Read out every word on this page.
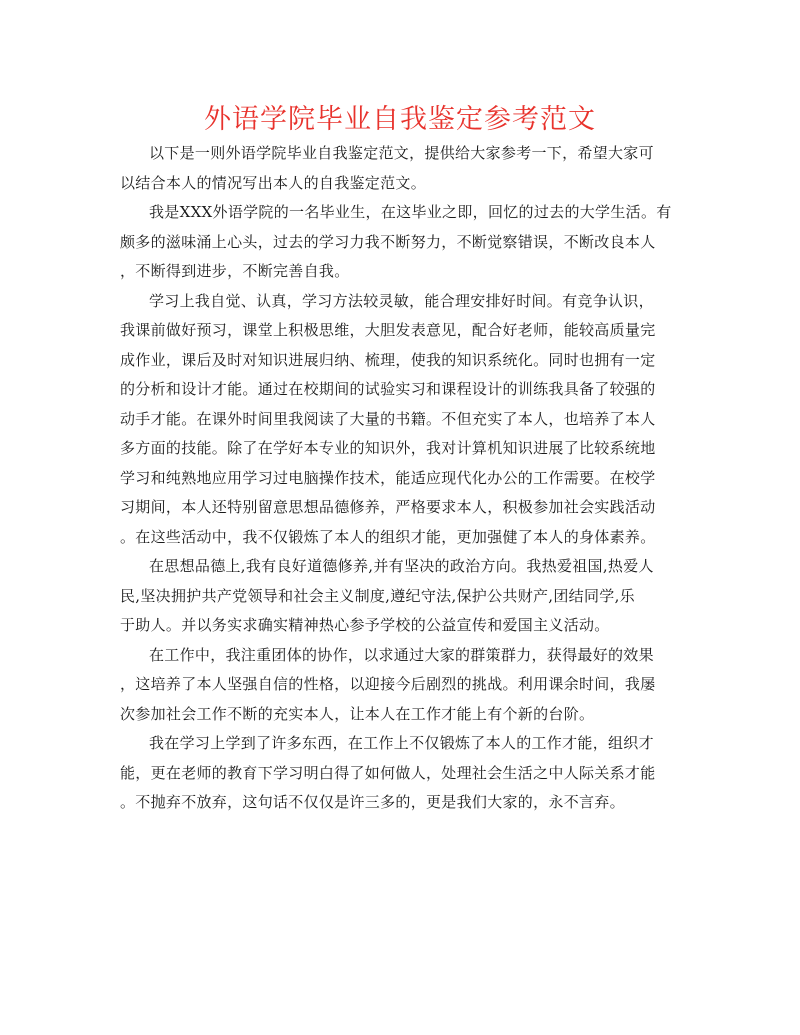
外语学院毕业自我鉴定参考范文

以下是一则外语学院毕业自我鉴定范文，提供给大家参考一下，希望大家可
以结合本人的情况写出本人的自我鉴定范文。

我是XXX外语学院的一名毕业生，在这毕业之即，回忆的过去的大学生活。有
颇多的滋味涌上心头，过去的学习力我不断努力，不断觉察错误，不断改良本人
，不断得到进步，不断完善自我。

学习上我自觉、认真，学习方法较灵敏，能合理安排好时间。有竞争认识，
我课前做好预习，课堂上积极思维，大胆发表意见，配合好老师，能较高质量完
成作业，课后及时对知识进展归纳、梳理，使我的知识系统化。同时也拥有一定
的分析和设计才能。通过在校期间的试验实习和课程设计的训练我具备了较强的
动手才能。在课外时间里我阅读了大量的书籍。不但充实了本人，也培养了本人
多方面的技能。除了在学好本专业的知识外，我对计算机知识进展了比较系统地
学习和纯熟地应用学习过电脑操作技术，能适应现代化办公的工作需要。在校学
习期间，本人还特别留意思想品德修养，严格要求本人，积极参加社会实践活动
。在这些活动中，我不仅锻炼了本人的组织才能，更加强健了本人的身体素养。

在思想品德上,我有良好道德修养,并有坚决的政治方向。我热爱祖国,热爱人
民,坚决拥护共产党领导和社会主义制度,遵纪守法,保护公共财产,团结同学,乐
于助人。并以务实求确实精神热心参予学校的公益宣传和爱国主义活动。

在工作中，我注重团体的协作，以求通过大家的群策群力，获得最好的效果
，这培养了本人坚强自信的性格，以迎接今后剧烈的挑战。利用课余时间，我屡
次参加社会工作不断的充实本人，让本人在工作才能上有个新的台阶。

我在学习上学到了许多东西，在工作上不仅锻炼了本人的工作才能，组织才
能，更在老师的教育下学习明白得了如何做人，处理社会生活之中人际关系才能
。不抛弃不放弃，这句话不仅仅是许三多的，更是我们大家的，永不言弃。
